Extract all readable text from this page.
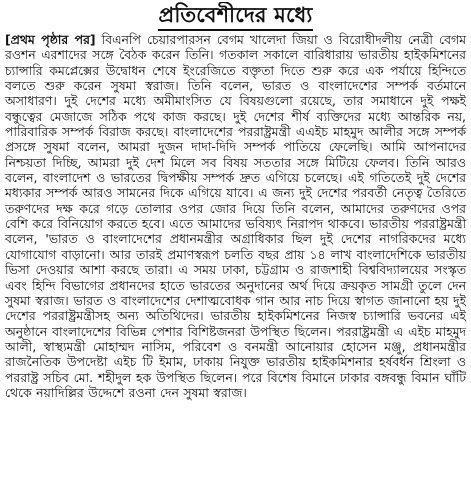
প্রতিবেশীদের মধ্যে

[প্রথম পৃষ্ঠার পর] বিএনপি চেয়ারপারসন বেগম খালেদা জিয়া ও বিরোধীদলীয় নেত্রী বেগম রওশন এরশাদের সঙ্গে বৈঠক করেন তিনি। গতকাল সকালে বারিধারায় ভারতীয় হাইকমিশনের চ্যান্সারি কমপ্লেক্সের উদ্বোধন শেষে ইংরেজিতে বক্তৃতা দিতে শুরু করে এক পর্যায়ে হিন্দিতে বলতে শুরু করেন সুষমা স্বরাজ। তিনি বলেন, ভারত ও বাংলাদেশের সম্পর্ক বর্তমানে অসাধারণ। দুই দেশের মধ্যে অমীমাংসিত যে বিষয়গুলো রয়েছে, তার সমাধানে দুই পক্ষই বন্ধুত্বের মেজাজে সঠিক পথে কাজ করছে। দুই দেশের শীর্ষ ব্যক্তিদের মধ্যে আন্তরিক নয়, পারিবারিক সম্পর্ক বিরাজ করছে। বাংলাদেশের পররাষ্ট্রমন্ত্রী এএইচ মাহমুদ আলীর সঙ্গে সম্পর্ক প্রসঙ্গে সুষমা বলেন, আমরা দুজন দাদা-দিদি সম্পর্ক পাতিয়ে ফেলেছি। আমি আপনাদের নিশ্চয়তা দিচ্ছি, আমরা দুই দেশ মিলে সব বিষয় সততার সঙ্গে মিটিয়ে ফেলব। তিনি আরও বলেন, বাংলাদেশ ও ভারতের দ্বিপক্ষীয় সম্পর্ক দ্রুত এগিয়ে চলেছে। এই গতিতেই দুই দেশের মধ্যকার সম্পর্ক আরও সামনের দিকে এগিয়ে যাবে। এ জন্য দুই দেশের পরবর্তী নেতৃত্ব তৈরিতে তরুণদের দক্ষ করে গড়ে তোলার ওপর জোর দিয়ে তিনি বলেন, আমাদের তরুণদের ওপর বেশি করে বিনিয়োগ করতে হবে। এতে আমাদের ভবিষ্যৎ নিরাপদ থাকবে। ভারতীয় পররাষ্ট্রমন্ত্রী বলেন, 'ভারত ও বাংলাদেশের প্রধানমন্ত্রীর অগ্রাধিকার ছিল দুই দেশের নাগরিকদের মধ্যে যোগাযোগ বাড়ানো। আর তারই প্রমাণস্বরূপ চলতি বছর প্রায় ১৪ লাখ বাংলাদেশিকে ভারতীয় ভিসা দেওয়ার আশা করছে তারা। এ সময় ঢাকা, চট্টগ্রাম ও রাজশাহী বিশ্ববিদ্যালয়ের সংস্কৃত এবং হিন্দি বিভাগের প্রধানদের হাতে ভারতের অনুদানের অর্থ দিয়ে ক্রয়কৃত সামগ্রী তুলে দেন সুষমা স্বরাজ। ভারত ও বাংলাদেশের দেশাত্মবোধক গান আর নাচ দিয়ে স্বাগত জানানো হয় দুই দেশের পররাষ্ট্রমন্ত্রীসহ অন্য অতিথিদের। ভারতীয় হাইকমিশনের নিজস্ব চ্যান্সারি ভবনের এই অনুষ্ঠানে বাংলাদেশের বিভিন্ন পেশার বিশিষ্টজনরা উপস্থিত ছিলেন। পররাষ্ট্রমন্ত্রী এ এইচ মাহমুদ আলী, স্বাস্থ্যমন্ত্রী মোহাম্মদ নাসিম, পরিবেশ ও বনমন্ত্রী আনোয়ার হোসেন মঞ্জু, প্রধানমন্ত্রীর রাজনৈতিক উপদেষ্টা এইচ টি ইমাম, ঢাকায় নিযুক্ত ভারতীয় হাইকমিশনার হর্ষবর্ধন শ্রিংলা ও পররাষ্ট্র সচিব মো. শহীদুল হক উপস্থিত ছিলেন। পরে বিশেষ বিমানে ঢাকার বঙ্গবন্ধু বিমান ঘাঁটি থেকে নয়াদিল্লির উদ্দেশে রওনা দেন সুষমা স্বরাজ।
